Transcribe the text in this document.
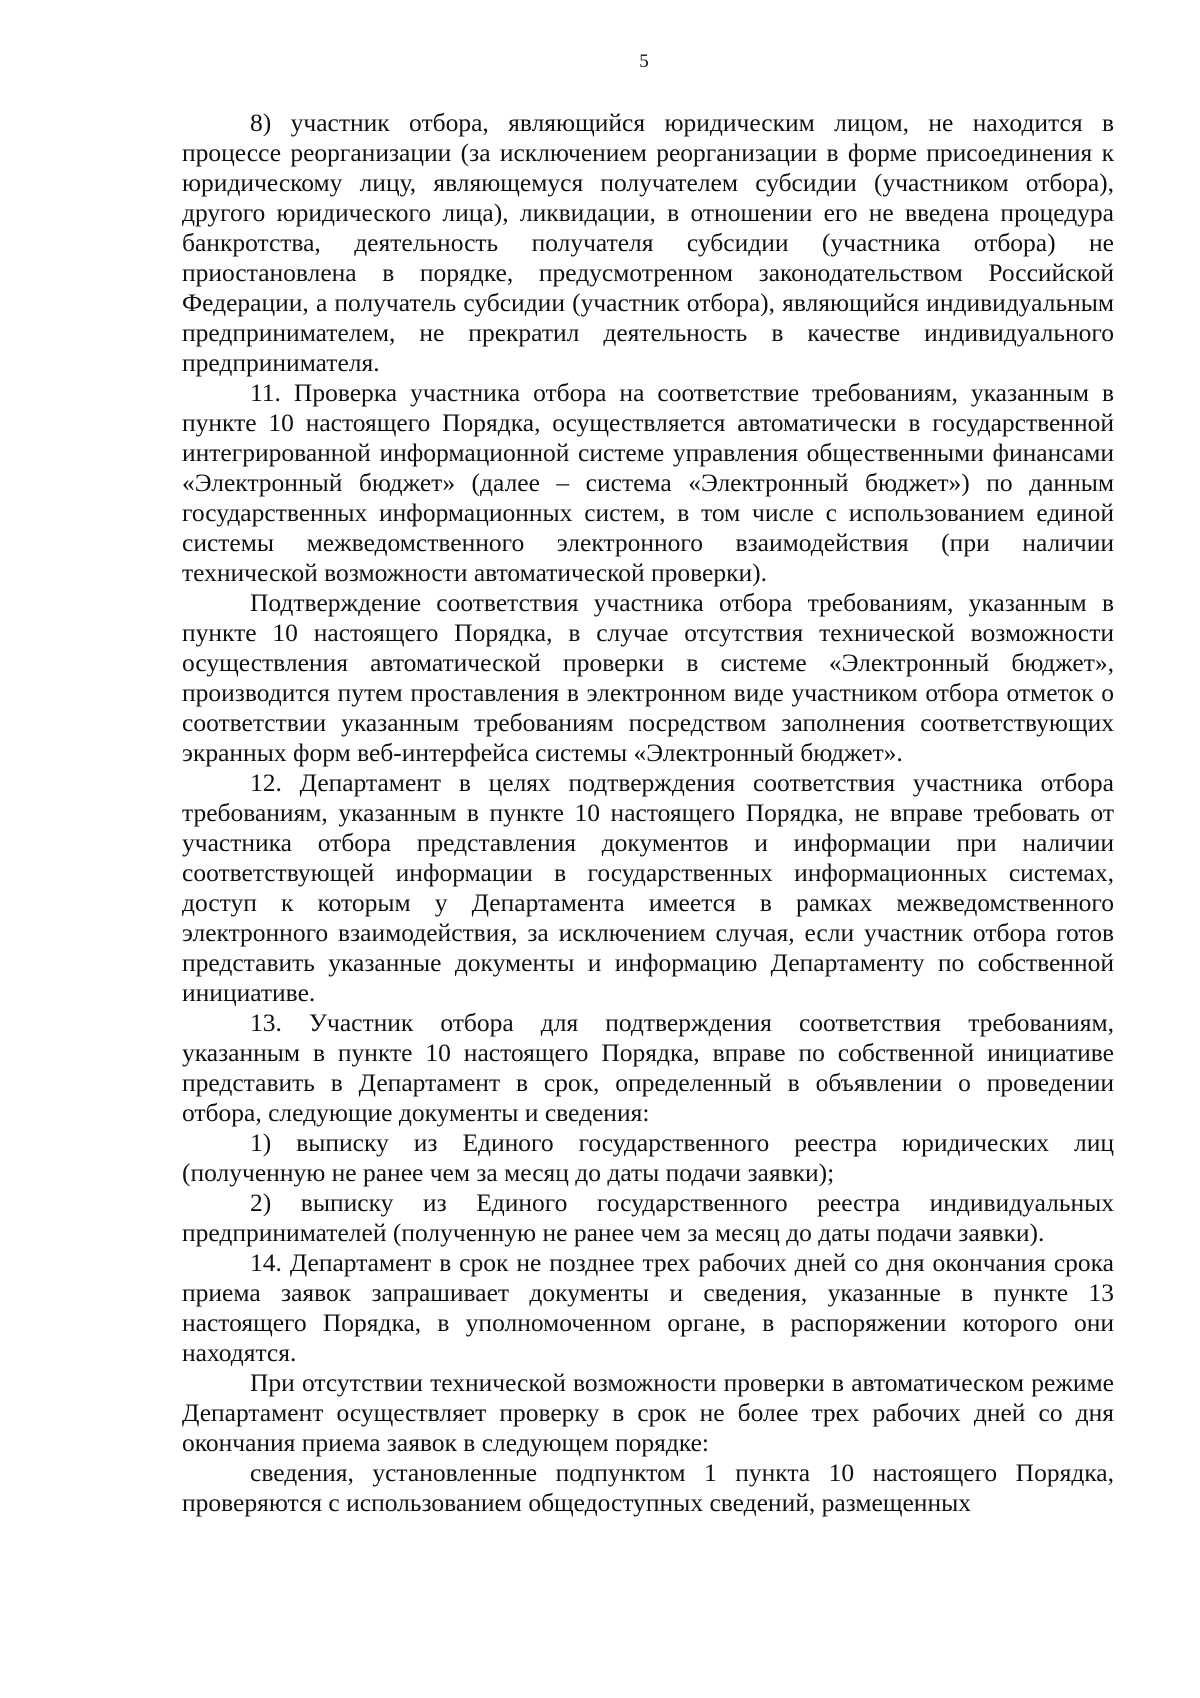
5

8) участник отбора, являющийся юридическим лицом, не находится в процессе реорганизации (за исключением реорганизации в форме присоединения к юридическому лицу, являющемуся получателем субсидии (участником отбора), другого юридического лица), ликвидации, в отношении его не введена процедура банкротства, деятельность получателя субсидии (участника отбора) не приостановлена в порядке, предусмотренном законодательством Российской Федерации, а получатель субсидии (участник отбора), являющийся индивидуальным предпринимателем, не прекратил деятельность в качестве индивидуального предпринимателя.

11. Проверка участника отбора на соответствие требованиям, указанным в пункте 10 настоящего Порядка, осуществляется автоматически в государственной интегрированной информационной системе управления общественными финансами «Электронный бюджет» (далее – система «Электронный бюджет») по данным государственных информационных систем, в том числе с использованием единой системы межведомственного электронного взаимодействия (при наличии технической возможности автоматической проверки).

Подтверждение соответствия участника отбора требованиям, указанным в пункте 10 настоящего Порядка, в случае отсутствия технической возможности осуществления автоматической проверки в системе «Электронный бюджет», производится путем проставления в электронном виде участником отбора отметок о соответствии указанным требованиям посредством заполнения соответствующих экранных форм веб-интерфейса системы «Электронный бюджет».

12. Департамент в целях подтверждения соответствия участника отбора требованиям, указанным в пункте 10 настоящего Порядка, не вправе требовать от участника отбора представления документов и информации при наличии соответствующей информации в государственных информационных системах, доступ к которым у Департамента имеется в рамках межведомственного электронного взаимодействия, за исключением случая, если участник отбора готов представить указанные документы и информацию Департаменту по собственной инициативе.

13. Участник отбора для подтверждения соответствия требованиям, указанным в пункте 10 настоящего Порядка, вправе по собственной инициативе представить в Департамент в срок, определенный в объявлении о проведении отбора, следующие документы и сведения:

1) выписку из Единого государственного реестра юридических лиц (полученную не ранее чем за месяц до даты подачи заявки);

2) выписку из Единого государственного реестра индивидуальных предпринимателей (полученную не ранее чем за месяц до даты подачи заявки).

14. Департамент в срок не позднее трех рабочих дней со дня окончания срока приема заявок запрашивает документы и сведения, указанные в пункте 13 настоящего Порядка, в уполномоченном органе, в распоряжении которого они находятся.

При отсутствии технической возможности проверки в автоматическом режиме Департамент осуществляет проверку в срок не более трех рабочих дней со дня окончания приема заявок в следующем порядке:

сведения, установленные подпунктом 1 пункта 10 настоящего Порядка, проверяются с использованием общедоступных сведений, размещенных
